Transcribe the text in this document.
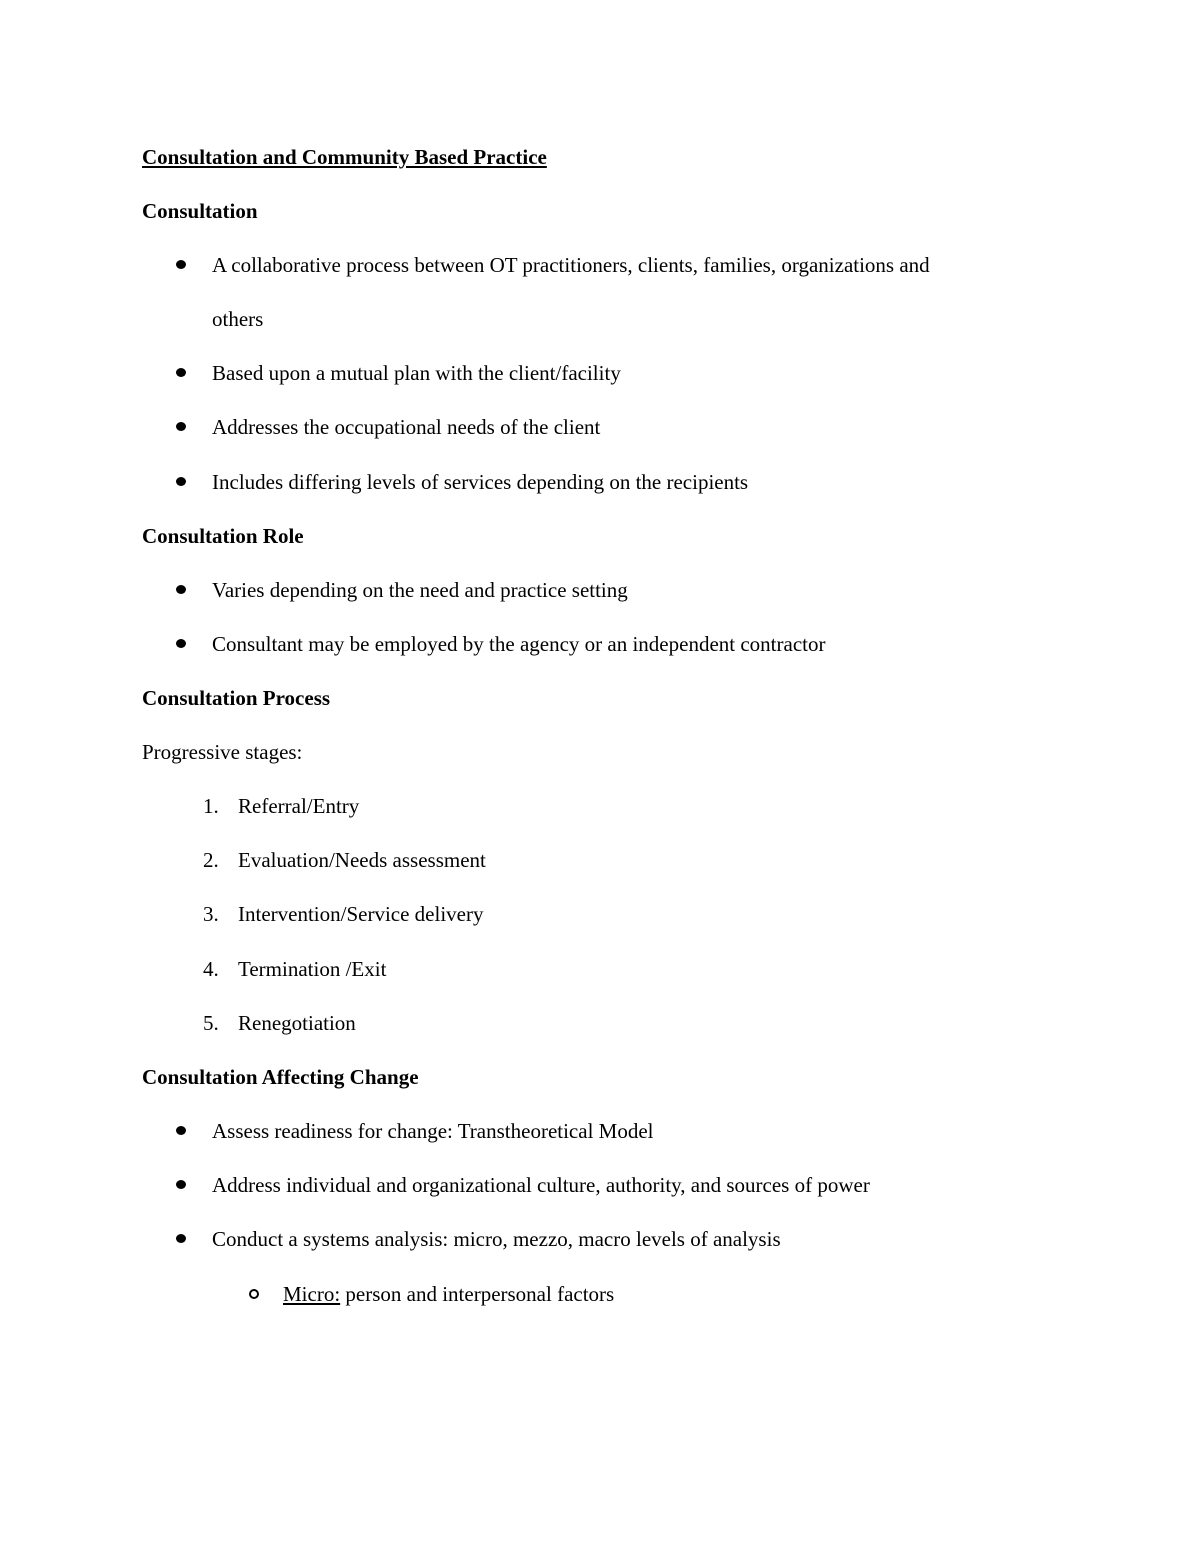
Consultation and Community Based Practice
Consultation
A collaborative process between OT practitioners, clients, families, organizations and
others
Based upon a mutual plan with the client/facility
Addresses the occupational needs of the client
Includes differing levels of services depending on the recipients
Consultation Role
Varies depending on the need and practice setting
Consultant may be employed by the agency or an independent contractor
Consultation Process
Progressive stages:
1. Referral/Entry
2. Evaluation/Needs assessment
3. Intervention/Service delivery
4. Termination /Exit
5. Renegotiation
Consultation Affecting Change
Assess readiness for change: Transtheoretical Model
Address individual and organizational culture, authority, and sources of power
Conduct a systems analysis: micro, mezzo, macro levels of analysis
Micro: person and interpersonal factors
